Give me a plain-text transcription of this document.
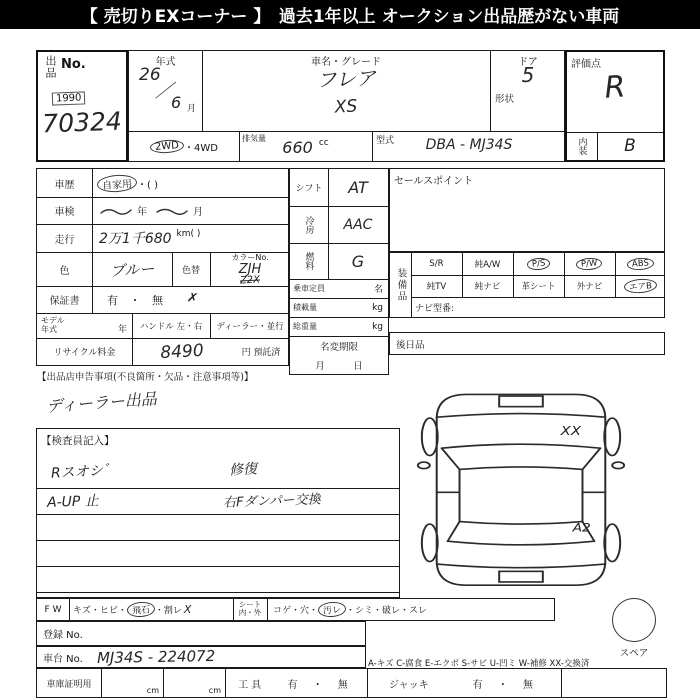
【 売切りEXコーナー 】　過去1年以上 オークション出品歴がない車両
出品 No.
1990
70324
年式
26
／
6 月
車名・グレード
フレア
XS
ドア
5
形状
2WD ・4WD
排気量 660 cc	型式	DBA - MJ34S
評価点
R
内装	B
車歴	自家用 ・( )
車検	年	月
走行	2万1千680 km( )
色	ブルー	色替
カラーNo.
ZJH
Z2X
保証書	有 ・ 無 ✗
モデル
年式	年	ハンドル 左・右	ディーラー・並行
リサイクル料金	8490	円 預託済
【出品店申告事項(不良箇所・欠品・注意事項等)】
ディーラー出品
シフト	AT
冷房	AAC
燃料	G
乗車定員	名
積載量	kg
総重量	kg
名変期限
月　　　日
セールスポイント
装備品
S/R	純A/W	P/S	P/W	ABS
純TV	純ナビ	革シート	外ナビ	エアB
ナビ型番:
後日品
【検査員記入】
Rスオシ゛
A-UP 止
修復
右Fダンパー交換
XX
A2
スペア
F W	キズ・ヒビ・ 飛石 ・割レ X	シート
内・外	コゲ・穴・ 汚レ ・シミ・破レ・スレ
登録 No.
車台 No. MJ34S - 224072	A-キズ C-腐食 E-エクボ S-サビ U-凹ミ W-補修 XX-交換済
車庫証明用
cm	cm 工 具	有 ・ 無	ジャッキ	有 ・ 無
